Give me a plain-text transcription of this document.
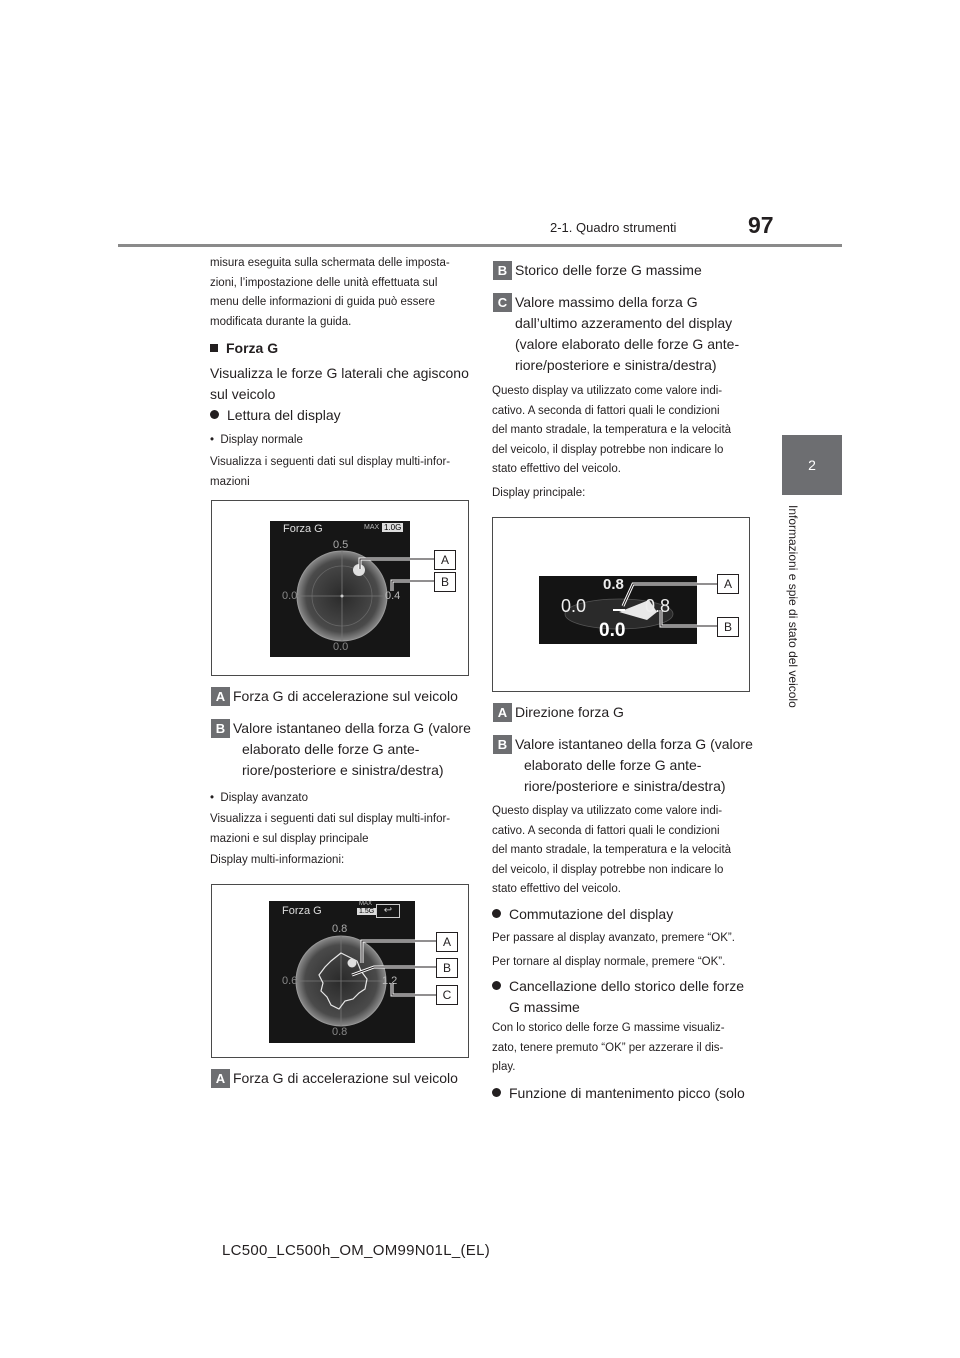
97
2-1. Quadro strumenti
2
Informazioni e spie di stato del veicolo
misura eseguita sulla schermata delle imposta-
zioni, l’impostazione delle unità effettuata sul
menu delle informazioni di guida può essere
modificata durante la guida.
Forza G
Visualizza le forze G laterali che agiscono
sul veicolo
Lettura del display
•  Display normale
Visualizza i seguenti dati sul display multi-infor-
mazioni
Forza G	MAX 1.0G
0.5
0.0	0.4
0.0
A
B
A Forza G di accelerazione sul veicolo
B Valore istantaneo della forza G (valore
elaborato delle forze G ante-
riore/posteriore e sinistra/destra)
•  Display avanzato
Visualizza i seguenti dati sul display multi-infor-
mazioni e sul display principale
Display multi-informazioni:
Forza G
MAX
1.5G ↩
0.8
0.6	1.2
0.8
A
B
C
A Forza G di accelerazione sul veicolo
B Storico delle forze G massime
C Valore massimo della forza G
dall’ultimo azzeramento del display
(valore elaborato delle forze G ante-
riore/posteriore e sinistra/destra)
Questo display va utilizzato come valore indi-
cativo. A seconda di fattori quali le condizioni
del manto stradale, la temperatura e la velocità
del veicolo, il display potrebbe non indicare lo
stato effettivo del veicolo.
Display principale:
0.8
0.0	0.8
0.0
A
B
A Direzione forza G
B Valore istantaneo della forza G (valore
elaborato delle forze G ante-
riore/posteriore e sinistra/destra)
Questo display va utilizzato come valore indi-
cativo. A seconda di fattori quali le condizioni
del manto stradale, la temperatura e la velocità
del veicolo, il display potrebbe non indicare lo
stato effettivo del veicolo.
Commutazione del display
Per passare al display avanzato, premere “OK”.
Per tornare al display normale, premere “OK”.
Cancellazione dello storico delle forze
G massime
Con lo storico delle forze G massime visualiz-
zato, tenere premuto “OK” per azzerare il dis-
play.
Funzione di mantenimento picco (solo
LC500_LC500h_OM_OM99N01L_(EL)
